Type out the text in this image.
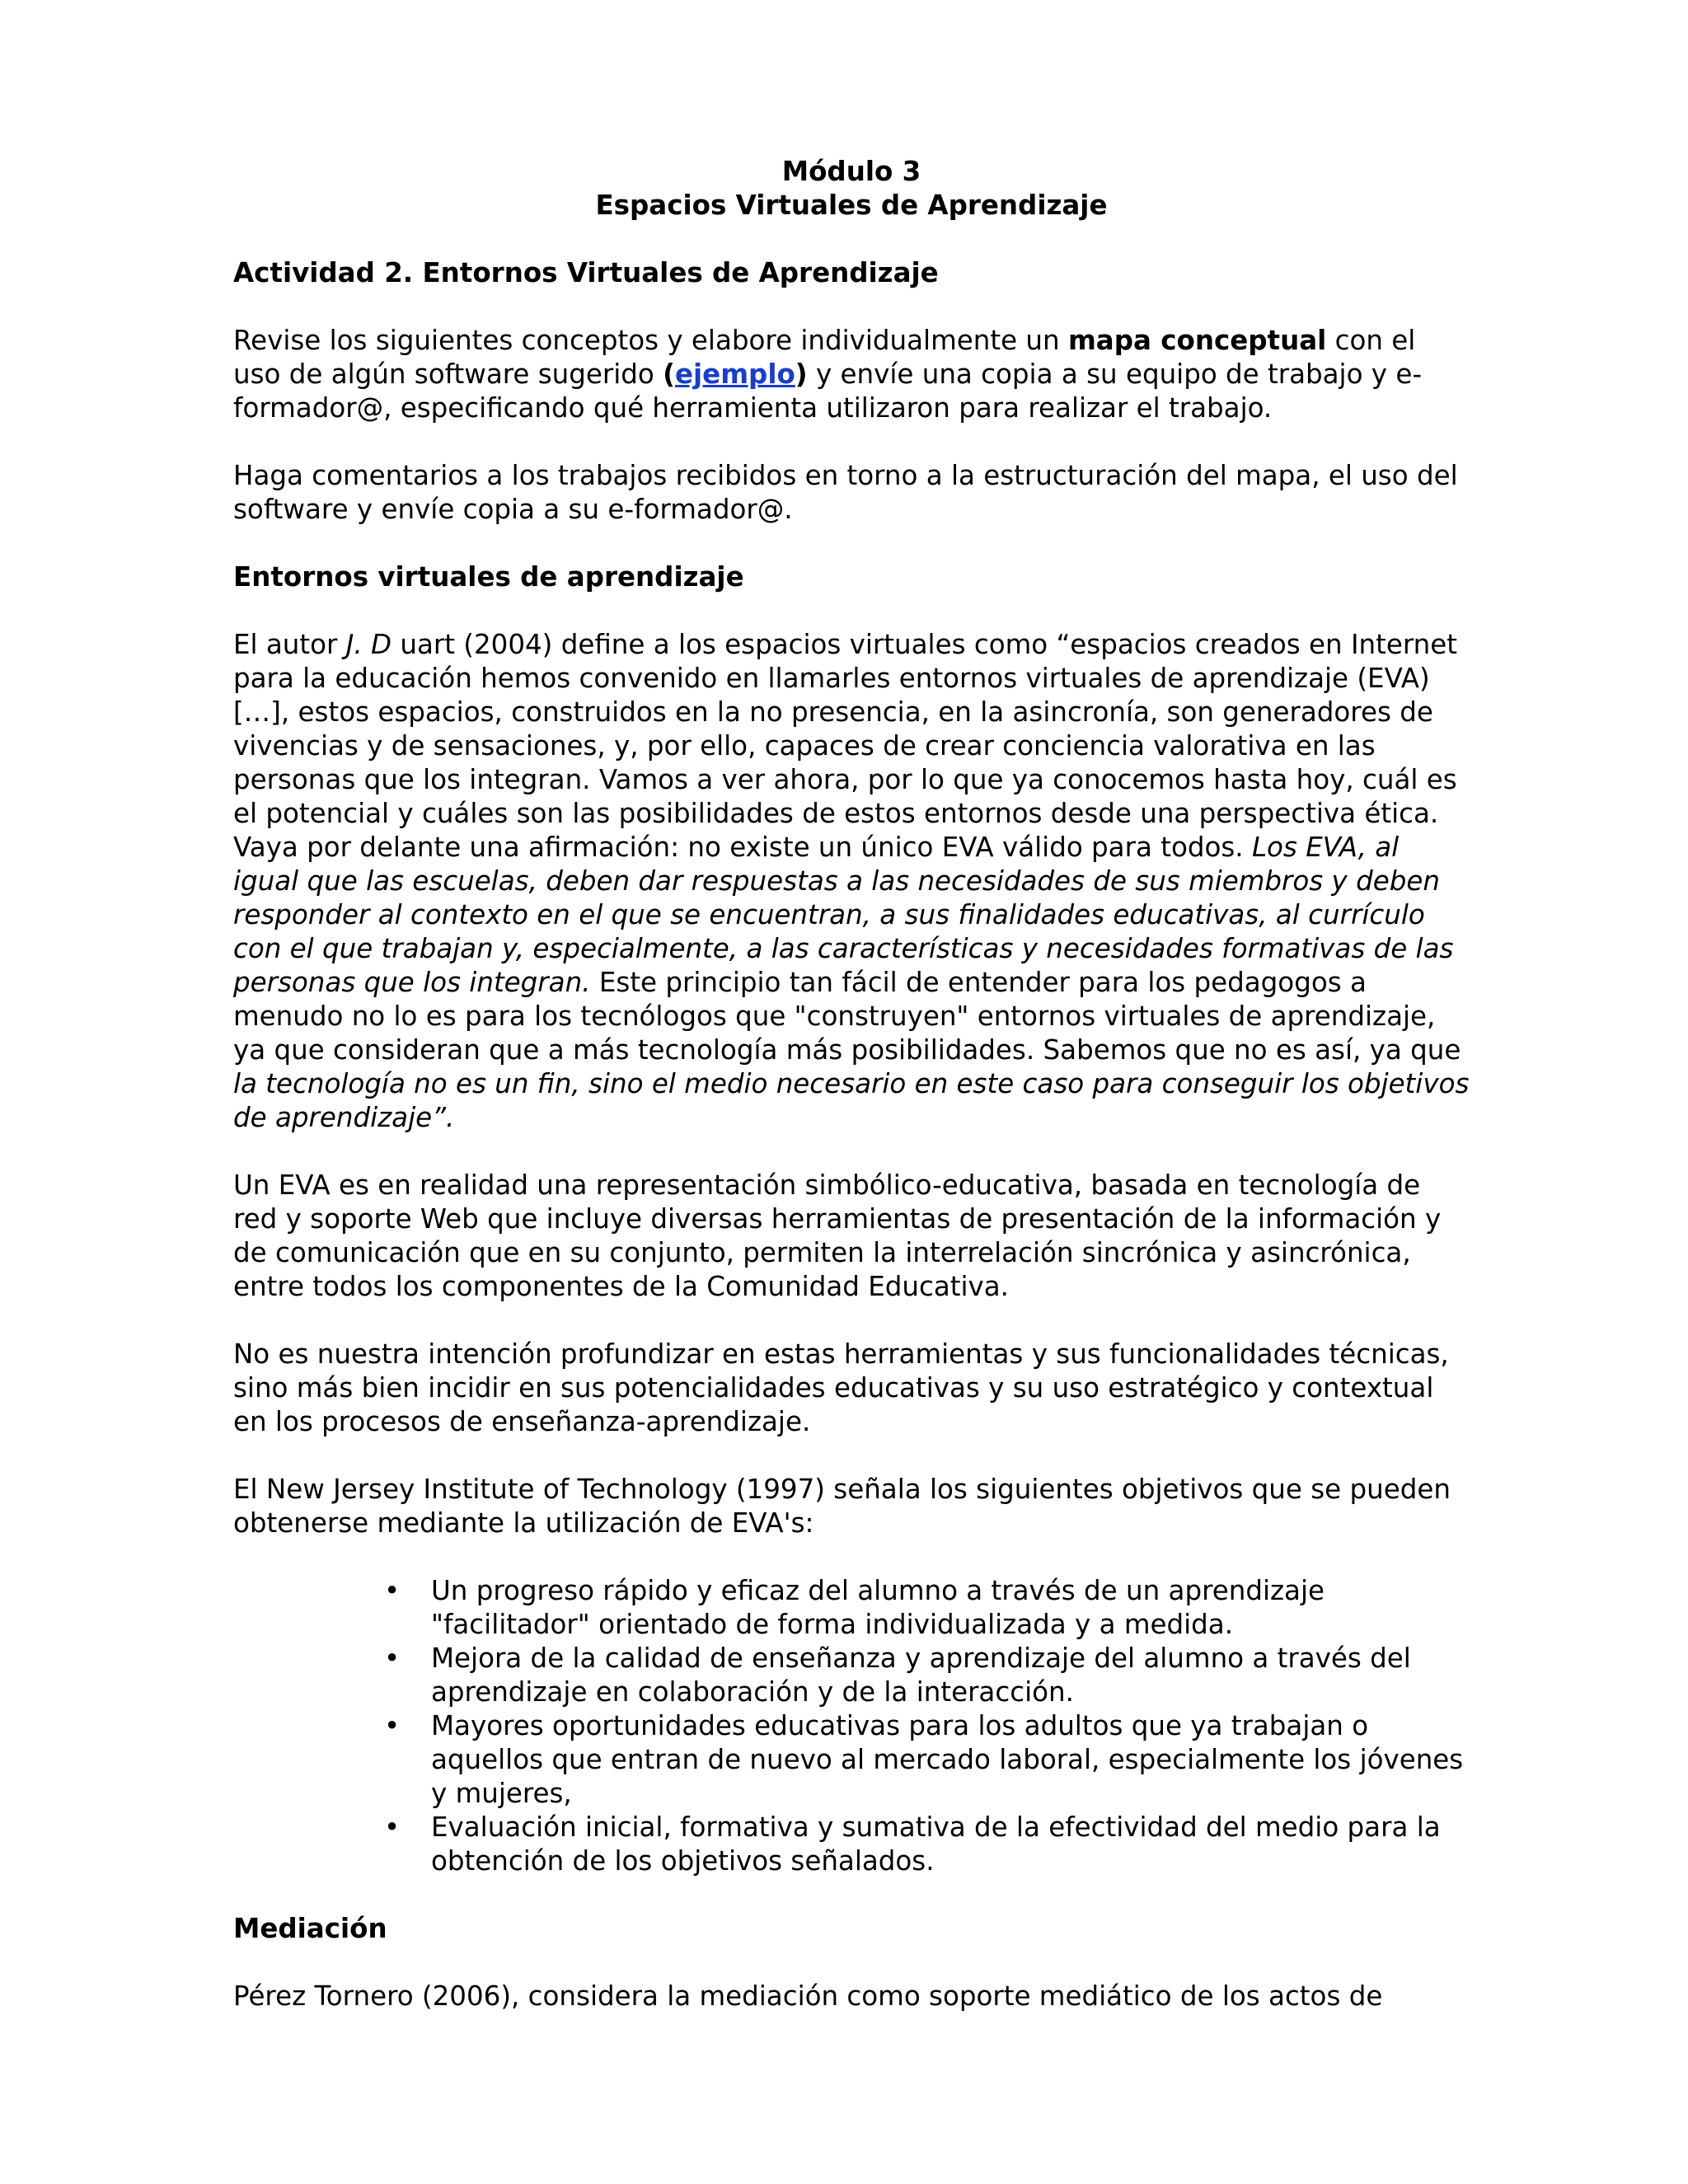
Módulo 3
Espacios Virtuales de Aprendizaje
Actividad 2. Entornos Virtuales de Aprendizaje

Revise los siguientes conceptos y elabore individualmente un mapa conceptual con el uso de algún software sugerido (ejemplo) y envíe una copia a su equipo de trabajo y e-formador@, especificando qué herramienta utilizaron para realizar el trabajo.

Haga comentarios a los trabajos recibidos en torno a la estructuración del mapa, el uso del software y envíe copia a su e-formador@.

Entornos virtuales de aprendizaje

El autor J. D uart (2004) define a los espacios virtuales como “espacios creados en Internet para la educación hemos convenido en llamarles entornos virtuales de aprendizaje (EVA)[…], estos espacios, construidos en la no presencia, en la asincronía, son generadores de vivencias y de sensaciones, y, por ello, capaces de crear conciencia valorativa en las personas que los integran. Vamos a ver ahora, por lo que ya conocemos hasta hoy, cuál es el potencial y cuáles son las posibilidades de estos entornos desde una perspectiva ética. Vaya por delante una afirmación: no existe un único EVA válido para todos. Los EVA, al igual que las escuelas, deben dar respuestas a las necesidades de sus miembros y deben responder al contexto en el que se encuentran, a sus finalidades educativas, al currículo con el que trabajan y, especialmente, a las características y necesidades formativas de las personas que los integran. Este principio tan fácil de entender para los pedagogos a menudo no lo es para los tecnólogos que "construyen" entornos virtuales de aprendizaje, ya que consideran que a más tecnología más posibilidades. Sabemos que no es así, ya que la tecnología no es un fin, sino el medio necesario en este caso para conseguir los objetivos de aprendizaje”.

Un EVA es en realidad una representación simbólico-educativa, basada en tecnología de red y soporte Web que incluye diversas herramientas de presentación de la información y de comunicación que en su conjunto, permiten la interrelación sincrónica y asincrónica, entre todos los componentes de la Comunidad Educativa.

No es nuestra intención profundizar en estas herramientas y sus funcionalidades técnicas, sino más bien incidir en sus potencialidades educativas y su uso estratégico y contextual en los procesos de enseñanza-aprendizaje.

El New Jersey Institute of Technology (1997) señala los siguientes objetivos que se pueden obtenerse mediante la utilización de EVA's:

• Un progreso rápido y eficaz del alumno a través de un aprendizaje "facilitador" orientado de forma individualizada y a medida.
• Mejora de la calidad de enseñanza y aprendizaje del alumno a través del aprendizaje en colaboración y de la interacción.
• Mayores oportunidades educativas para los adultos que ya trabajan o aquellos que entran de nuevo al mercado laboral, especialmente los jóvenes y mujeres,
• Evaluación inicial, formativa y sumativa de la efectividad del medio para la obtención de los objetivos señalados.
Mediación

Pérez Tornero (2006), considera la mediación como soporte mediático de los actos de
